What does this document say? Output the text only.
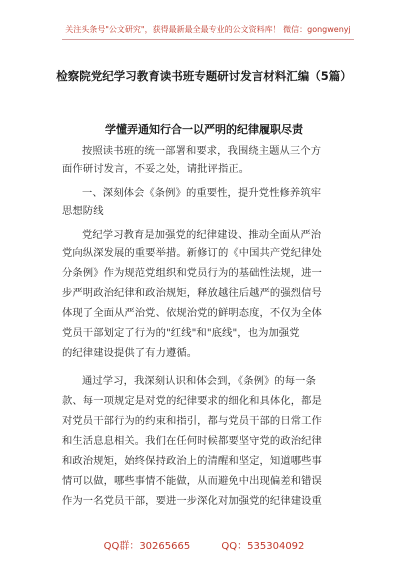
关注头条号"公文研究"，获得最新最全最专业的公文资料库！ 微信：gongwenyj
检察院党纪学习教育读书班专题研讨发言材料汇编（5篇）
学懂弄通知行合一以严明的纪律履职尽责
按照读书班的统一部署和要求，我围绕主题从三个方
面作研讨发言，不妥之处，请批评指正。
一、深刻体会《条例》的重要性，提升党性修养筑牢
思想防线
党纪学习教育是加强党的纪律建设、推动全面从严治
党向纵深发展的重要举措。新修订的《中国共产党纪律处
分条例》作为规范党组织和党员行为的基础性法规，进一
步严明政治纪律和政治规矩，释放越往后越严的强烈信号
体现了全面从严治党、依规治党的鲜明态度，不仅为全体
党员干部划定了行为的"红线"和"底线"，也为加强党
的纪律建设提供了有力遵循。
通过学习，我深刻认识和体会到，《条例》的每一条
款、每一项规定是对党的纪律要求的细化和具体化，都是
对党员干部行为的约束和指引，都与党员干部的日常工作
和生活息息相关。我们在任何时候都要坚守党的政治纪律
和政治规矩，始终保持政治上的清醒和坚定，知道哪些事
情可以做，哪些事情不能做，从而避免中出现偏差和错误
作为一名党员干部，要进一步深化对加强党的纪律建设重
QQ群：30265665	QQ：535304092
